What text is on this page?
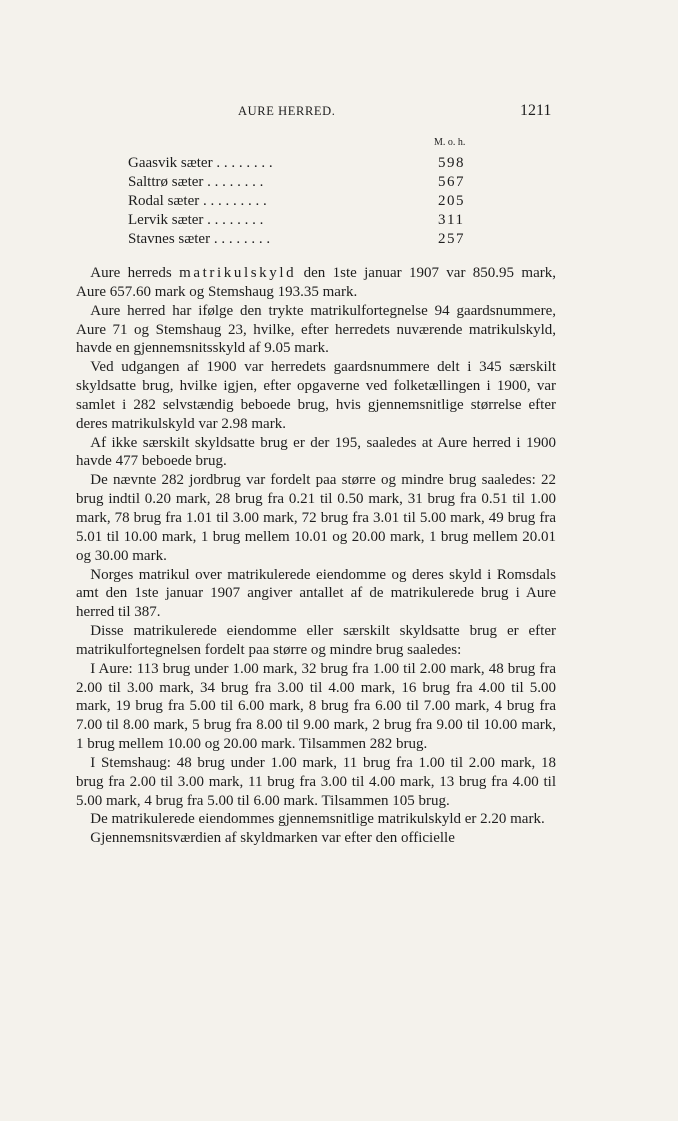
AURE HERRED.	1211
M. o. h.
Gaasvik sæter . . . . . . . .	598
Salttrø sæter . . . . . . . .	567
Rodal sæter . . . . . . . . .	205
Lervik sæter . . . . . . . .	311
Stavnes sæter . . . . . . . .	257

Aure herreds matrikulskyld den 1ste januar 1907 var 850.95 mark, Aure 657.60 mark og Stemshaug 193.35 mark.

Aure herred har ifølge den trykte matrikulfortegnelse 94 gaardsnummere, Aure 71 og Stemshaug 23, hvilke, efter herredets nuværende matrikulskyld, havde en gjennemsnitsskyld af 9.05 mark.

Ved udgangen af 1900 var herredets gaardsnummere delt i 345 særskilt skyldsatte brug, hvilke igjen, efter opgaverne ved folketællingen i 1900, var samlet i 282 selvstændig beboede brug, hvis gjennemsnitlige størrelse efter deres matrikulskyld var 2.98 mark.

Af ikke særskilt skyldsatte brug er der 195, saaledes at Aure herred i 1900 havde 477 beboede brug.

De nævnte 282 jordbrug var fordelt paa større og mindre brug saaledes: 22 brug indtil 0.20 mark, 28 brug fra 0.21 til 0.50 mark, 31 brug fra 0.51 til 1.00 mark, 78 brug fra 1.01 til 3.00 mark, 72 brug fra 3.01 til 5.00 mark, 49 brug fra 5.01 til 10.00 mark, 1 brug mellem 10.01 og 20.00 mark, 1 brug mellem 20.01 og 30.00 mark.

Norges matrikul over matrikulerede eiendomme og deres skyld i Romsdals amt den 1ste januar 1907 angiver antallet af de matrikulerede brug i Aure herred til 387.

Disse matrikulerede eiendomme eller særskilt skyldsatte brug er efter matrikulfortegnelsen fordelt paa større og mindre brug saaledes:

I Aure: 113 brug under 1.00 mark, 32 brug fra 1.00 til 2.00 mark, 48 brug fra 2.00 til 3.00 mark, 34 brug fra 3.00 til 4.00 mark, 16 brug fra 4.00 til 5.00 mark, 19 brug fra 5.00 til 6.00 mark, 8 brug fra 6.00 til 7.00 mark, 4 brug fra 7.00 til 8.00 mark, 5 brug fra 8.00 til 9.00 mark, 2 brug fra 9.00 til 10.00 mark, 1 brug mellem 10.00 og 20.00 mark. Tilsammen 282 brug.

I Stemshaug: 48 brug under 1.00 mark, 11 brug fra 1.00 til 2.00 mark, 18 brug fra 2.00 til 3.00 mark, 11 brug fra 3.00 til 4.00 mark, 13 brug fra 4.00 til 5.00 mark, 4 brug fra 5.00 til 6.00 mark. Tilsammen 105 brug.

De matrikulerede eiendommes gjennemsnitlige matrikulskyld er 2.20 mark.

Gjennemsnitsværdien af skyldmarken var efter den officielle
